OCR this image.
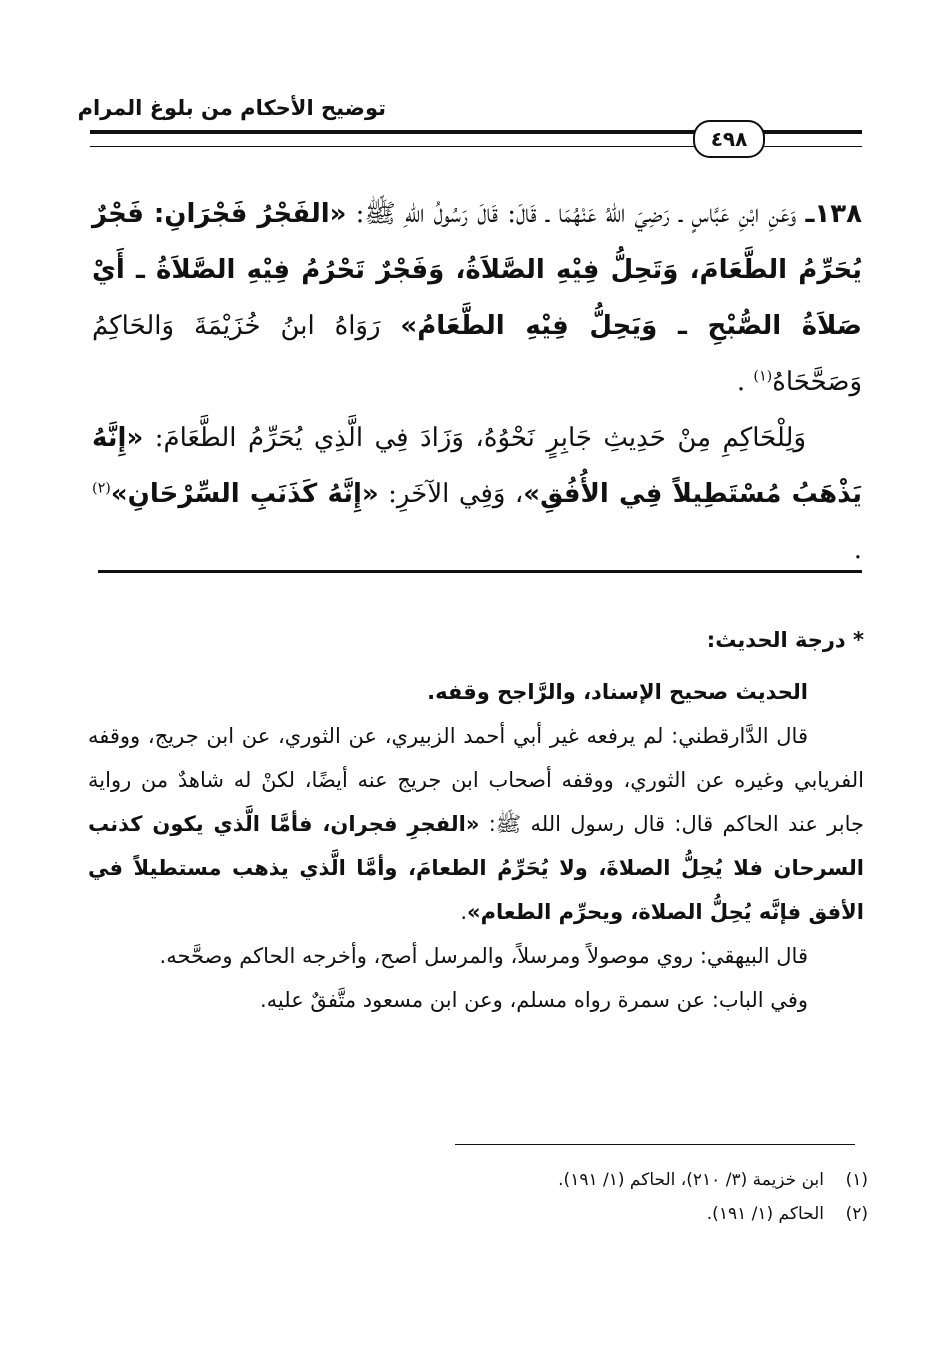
توضيح الأحكام من بلوغ المرام
٤٩٨

١٣٨ـ وَعَنِ ابْنِ عَبَّاسٍ ـ رَضِيَ اللهُ عَنْهُمَا ـ قَالَ: قَالَ رَسُولُ اللهِ ﷺ: «الفَجْرُ فَجْرَانِ: فَجْرٌ يُحَرِّمُ الطَّعَامَ، وَتَحِلُّ فِيْهِ الصَّلاَةُ، وَفَجْرٌ تَحْرُمُ فِيْهِ الصَّلاَةُ ـ أَيْ صَلاَةُ الصُّبْحِ ـ وَيَحِلُّ فِيْهِ الطَّعَامُ» رَوَاهُ ابنُ خُزَيْمَةَ وَالحَاكِمُ وَصَحَّحَاهُ$^{(١)}$ .

وَلِلْحَاكِمِ مِنْ حَدِيثِ جَابِرٍ نَحْوُهُ، وَزَادَ فِي الَّذِي يُحَرِّمُ الطَّعَامَ: «إِنَّهُ يَذْهَبُ مُسْتَطِيلاً فِي الأُفُقِ»، وَفِي الآخَرِ: «إِنَّهُ كَذَنَبِ السِّرْحَانِ»$^{(٢)}$ .

* درجة الحديث:

الحديث صحيح الإسناد، والرَّاجح وقفه.

قال الدَّارقطني: لم يرفعه غير أبي أحمد الزبيري، عن الثوري، عن ابن جريج، ووقفه الفريابي وغيره عن الثوري، ووقفه أصحاب ابن جريج عنه أيضًا، لكنْ له شاهدٌ من رواية جابر عند الحاكم قال: قال رسول الله ﷺ: «الفجرِ فجران، فأمَّا الَّذي يكون كذنب السرحان فلا يُحِلُّ الصلاةَ، ولا يُحَرِّمُ الطعامَ، وأمَّا الَّذي يذهب مستطيلاً في الأفق فإنَّه يُحِلُّ الصلاة، ويحرِّم الطعام».

قال البيهقي: روي موصولاً ومرسلاً، والمرسل أصح، وأخرجه الحاكم وصحَّحه.

وفي الباب: عن سمرة رواه مسلم، وعن ابن مسعود متَّفقٌ عليه.

(١)ابن خزيمة (٣/ ٢١٠)، الحاكم (١/ ١٩١).

(٢)الحاكم (١/ ١٩١).
